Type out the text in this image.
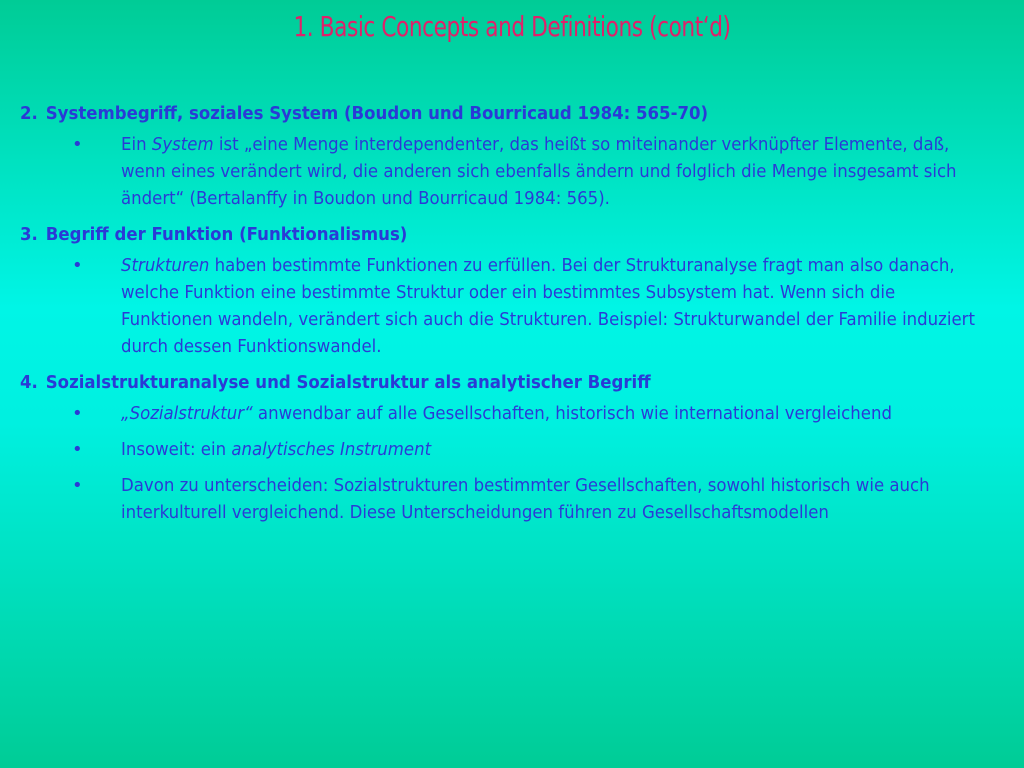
1. Basic Concepts and Definitions (cont‘d)
2. Systembegriff, soziales System (Boudon und Bourricaud 1984: 565-70)
• Ein System ist „eine Menge interdependenter, das heißt so miteinander verknüpfter Elemente, daß, wenn eines verändert wird, die anderen sich ebenfalls ändern und folglich die Menge insgesamt sich ändert“ (Bertalanffy in Boudon und Bourricaud 1984: 565).
3. Begriff der Funktion (Funktionalismus)
• Strukturen haben bestimmte Funktionen zu erfüllen. Bei der Strukturanalyse fragt man also danach, welche Funktion eine bestimmte Struktur oder ein bestimmtes Subsystem hat. Wenn sich die Funktionen wandeln, verändert sich auch die Strukturen. Beispiel: Strukturwandel der Familie induziert durch dessen Funktionswandel.
4. Sozialstrukturanalyse und Sozialstruktur als analytischer Begriff
• „Sozialstruktur“ anwendbar auf alle Gesellschaften, historisch wie international vergleichend
• Insoweit: ein analytisches Instrument
• Davon zu unterscheiden: Sozialstrukturen bestimmter Gesellschaften, sowohl historisch wie auch interkulturell vergleichend. Diese Unterscheidungen führen zu Gesellschaftsmodellen
